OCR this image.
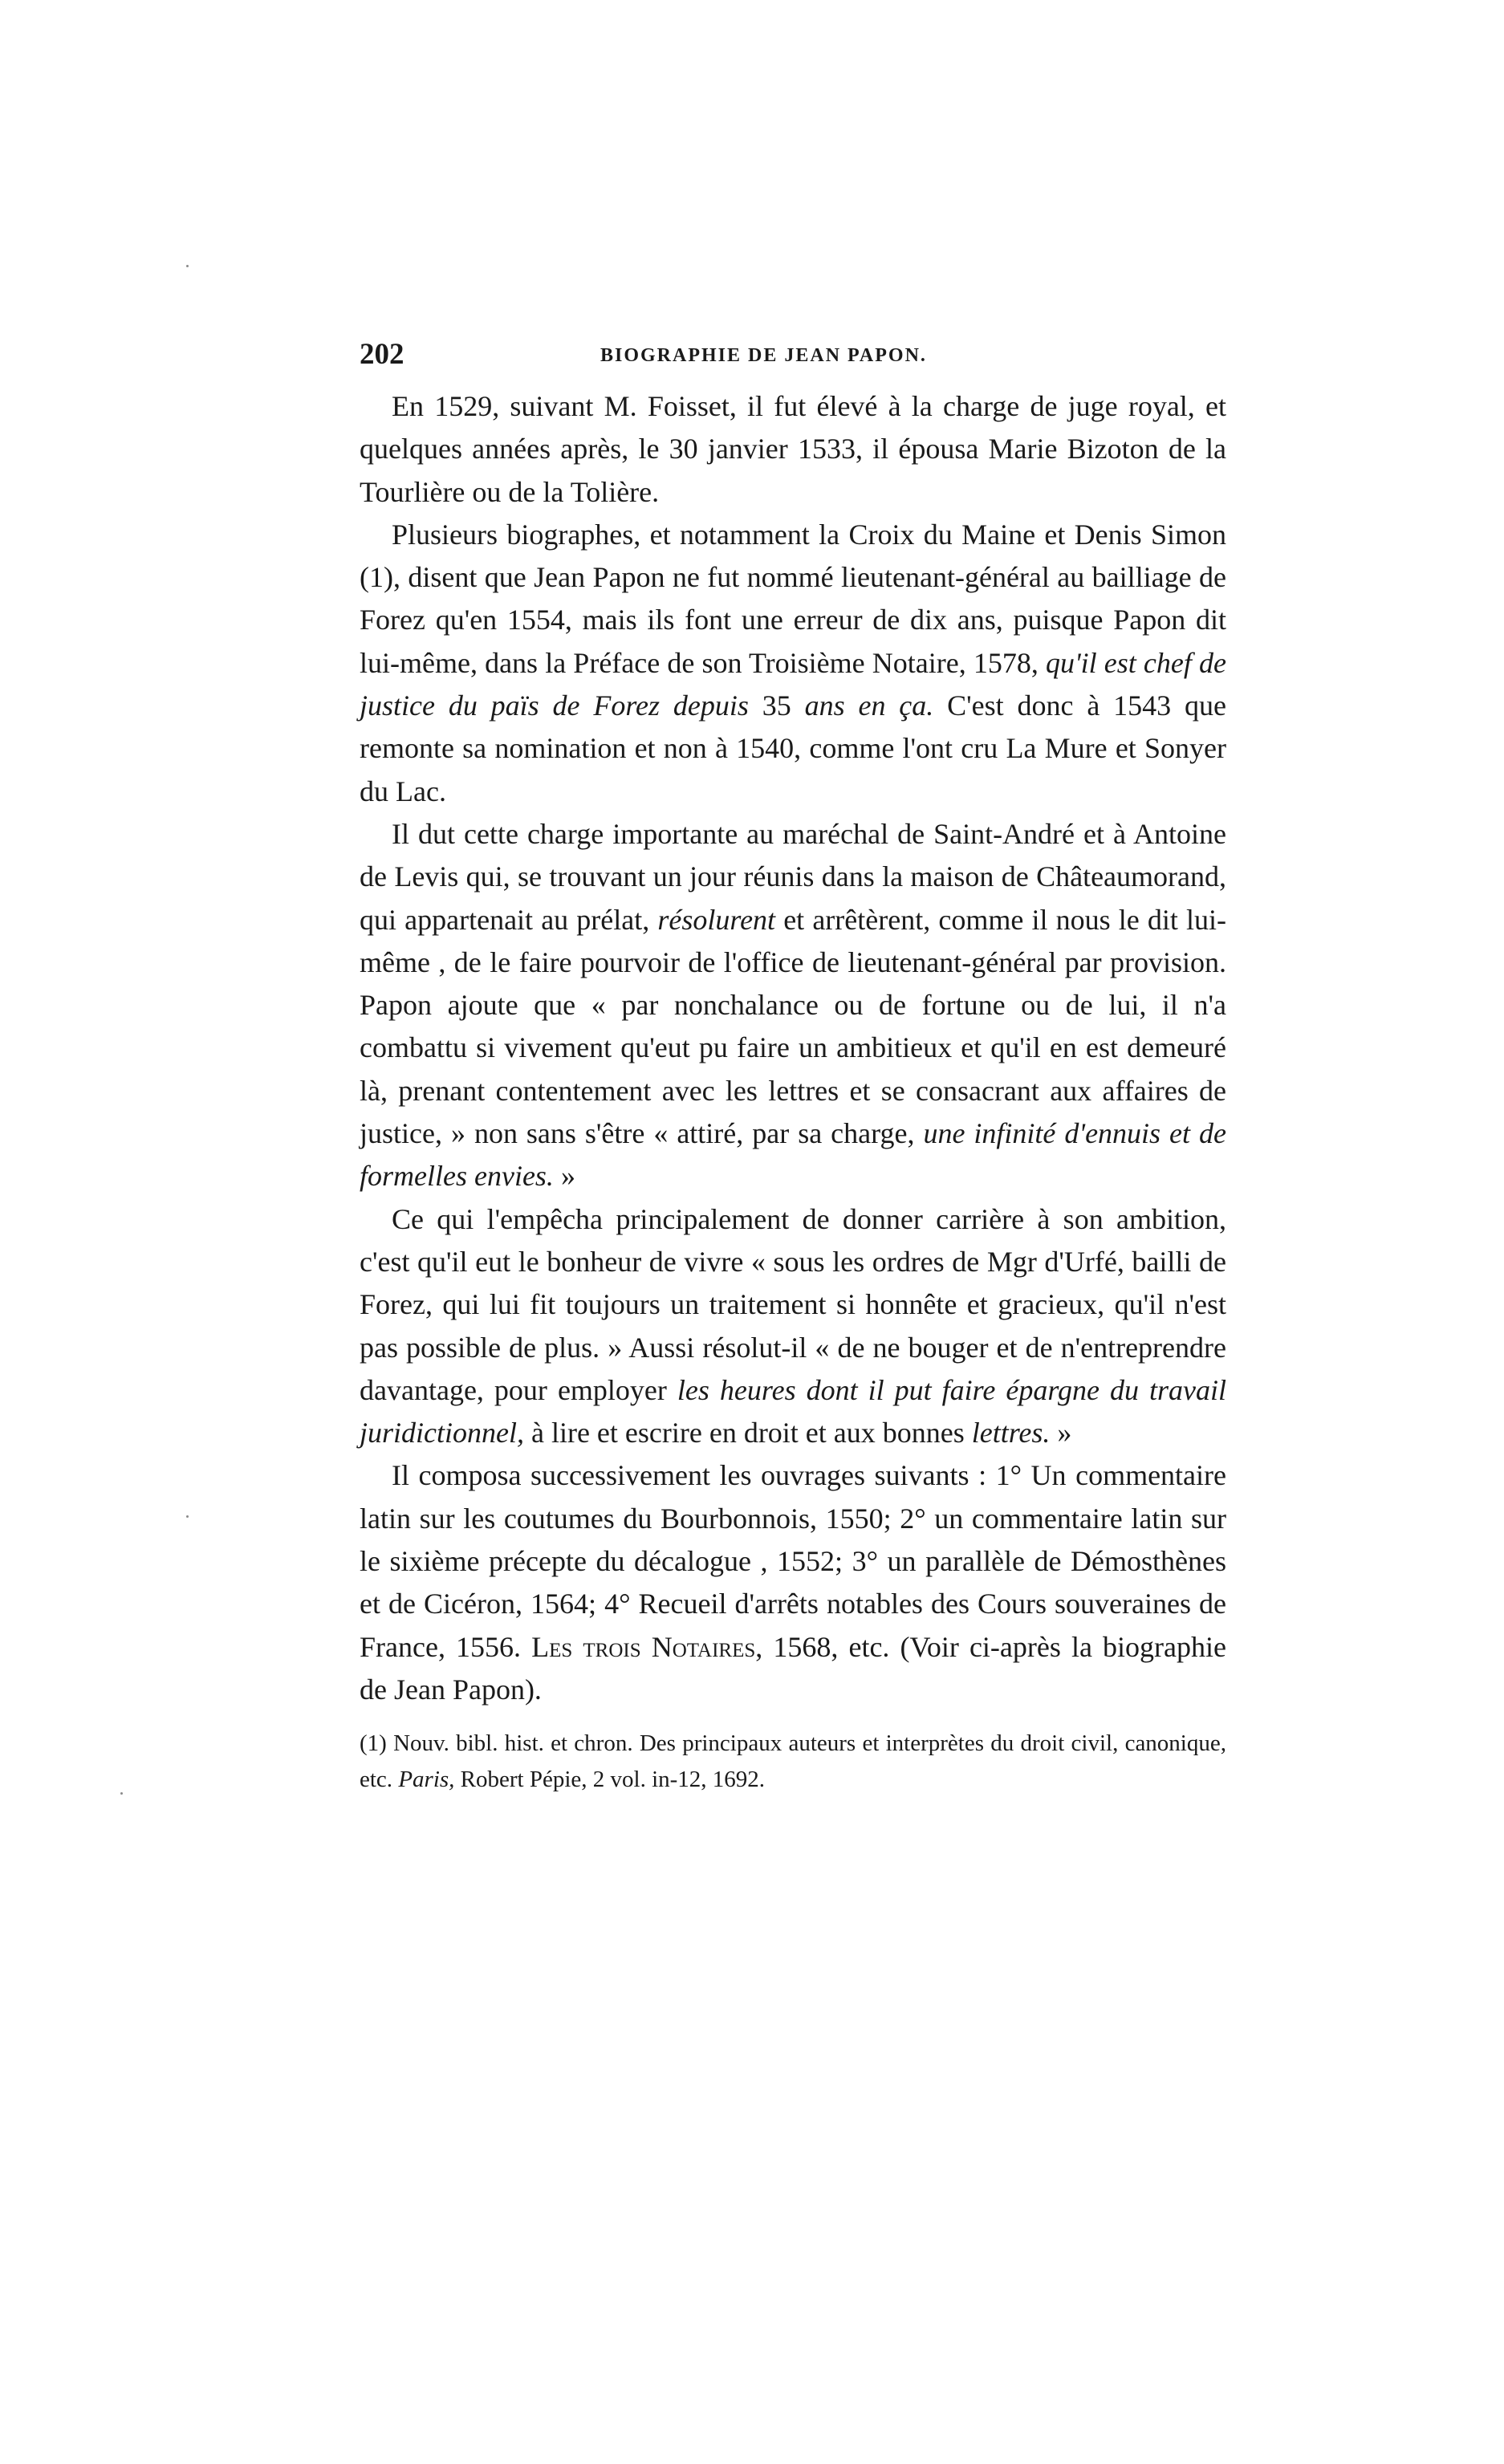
202	BIOGRAPHIE DE JEAN PAPON.

En 1529, suivant M. Foisset, il fut élevé à la charge de juge royal, et quelques années après, le 30 janvier 1533, il épousa Marie Bizoton de la Tourlière ou de la Tolière.

Plusieurs biographes, et notamment la Croix du Maine et Denis Simon (1), disent que Jean Papon ne fut nommé lieutenant-général au bailliage de Forez qu'en 1554, mais ils font une erreur de dix ans, puisque Papon dit lui-même, dans la Préface de son Troisième Notaire, 1578, qu'il est chef de justice du païs de Forez depuis 35 ans en ça. C'est donc à 1543 que remonte sa nomination et non à 1540, comme l'ont cru La Mure et Sonyer du Lac.

Il dut cette charge importante au maréchal de Saint-André et à Antoine de Levis qui, se trouvant un jour réunis dans la maison de Châteaumorand, qui appartenait au prélat, résolurent et arrêtèrent, comme il nous le dit lui-même , de le faire pourvoir de l'office de lieutenant-général par provision. Papon ajoute que « par nonchalance ou de fortune ou de lui, il n'a combattu si vivement qu'eut pu faire un ambitieux et qu'il en est demeuré là, prenant contentement avec les lettres et se consacrant aux affaires de justice, » non sans s'être « attiré, par sa charge, une infinité d'ennuis et de formelles envies. »

Ce qui l'empêcha principalement de donner carrière à son ambition, c'est qu'il eut le bonheur de vivre « sous les ordres de Mgr d'Urfé, bailli de Forez, qui lui fit toujours un traitement si honnête et gracieux, qu'il n'est pas possible de plus. » Aussi résolut-il « de ne bouger et de n'entreprendre davantage, pour employer les heures dont il put faire épargne du travail juridictionnel, à lire et escrire en droit et aux bonnes lettres. »

Il composa successivement les ouvrages suivants : 1° Un commentaire latin sur les coutumes du Bourbonnois, 1550; 2° un commentaire latin sur le sixième précepte du décalogue , 1552; 3° un parallèle de Démosthènes et de Cicéron, 1564; 4° Recueil d'arrêts notables des Cours souveraines de France, 1556. Les trois Notaires, 1568, etc. (Voir ci-après la biographie de Jean Papon).

(1) Nouv. bibl. hist. et chron. Des principaux auteurs et interprètes du droit civil, canonique, etc. Paris, Robert Pépie, 2 vol. in-12, 1692.
